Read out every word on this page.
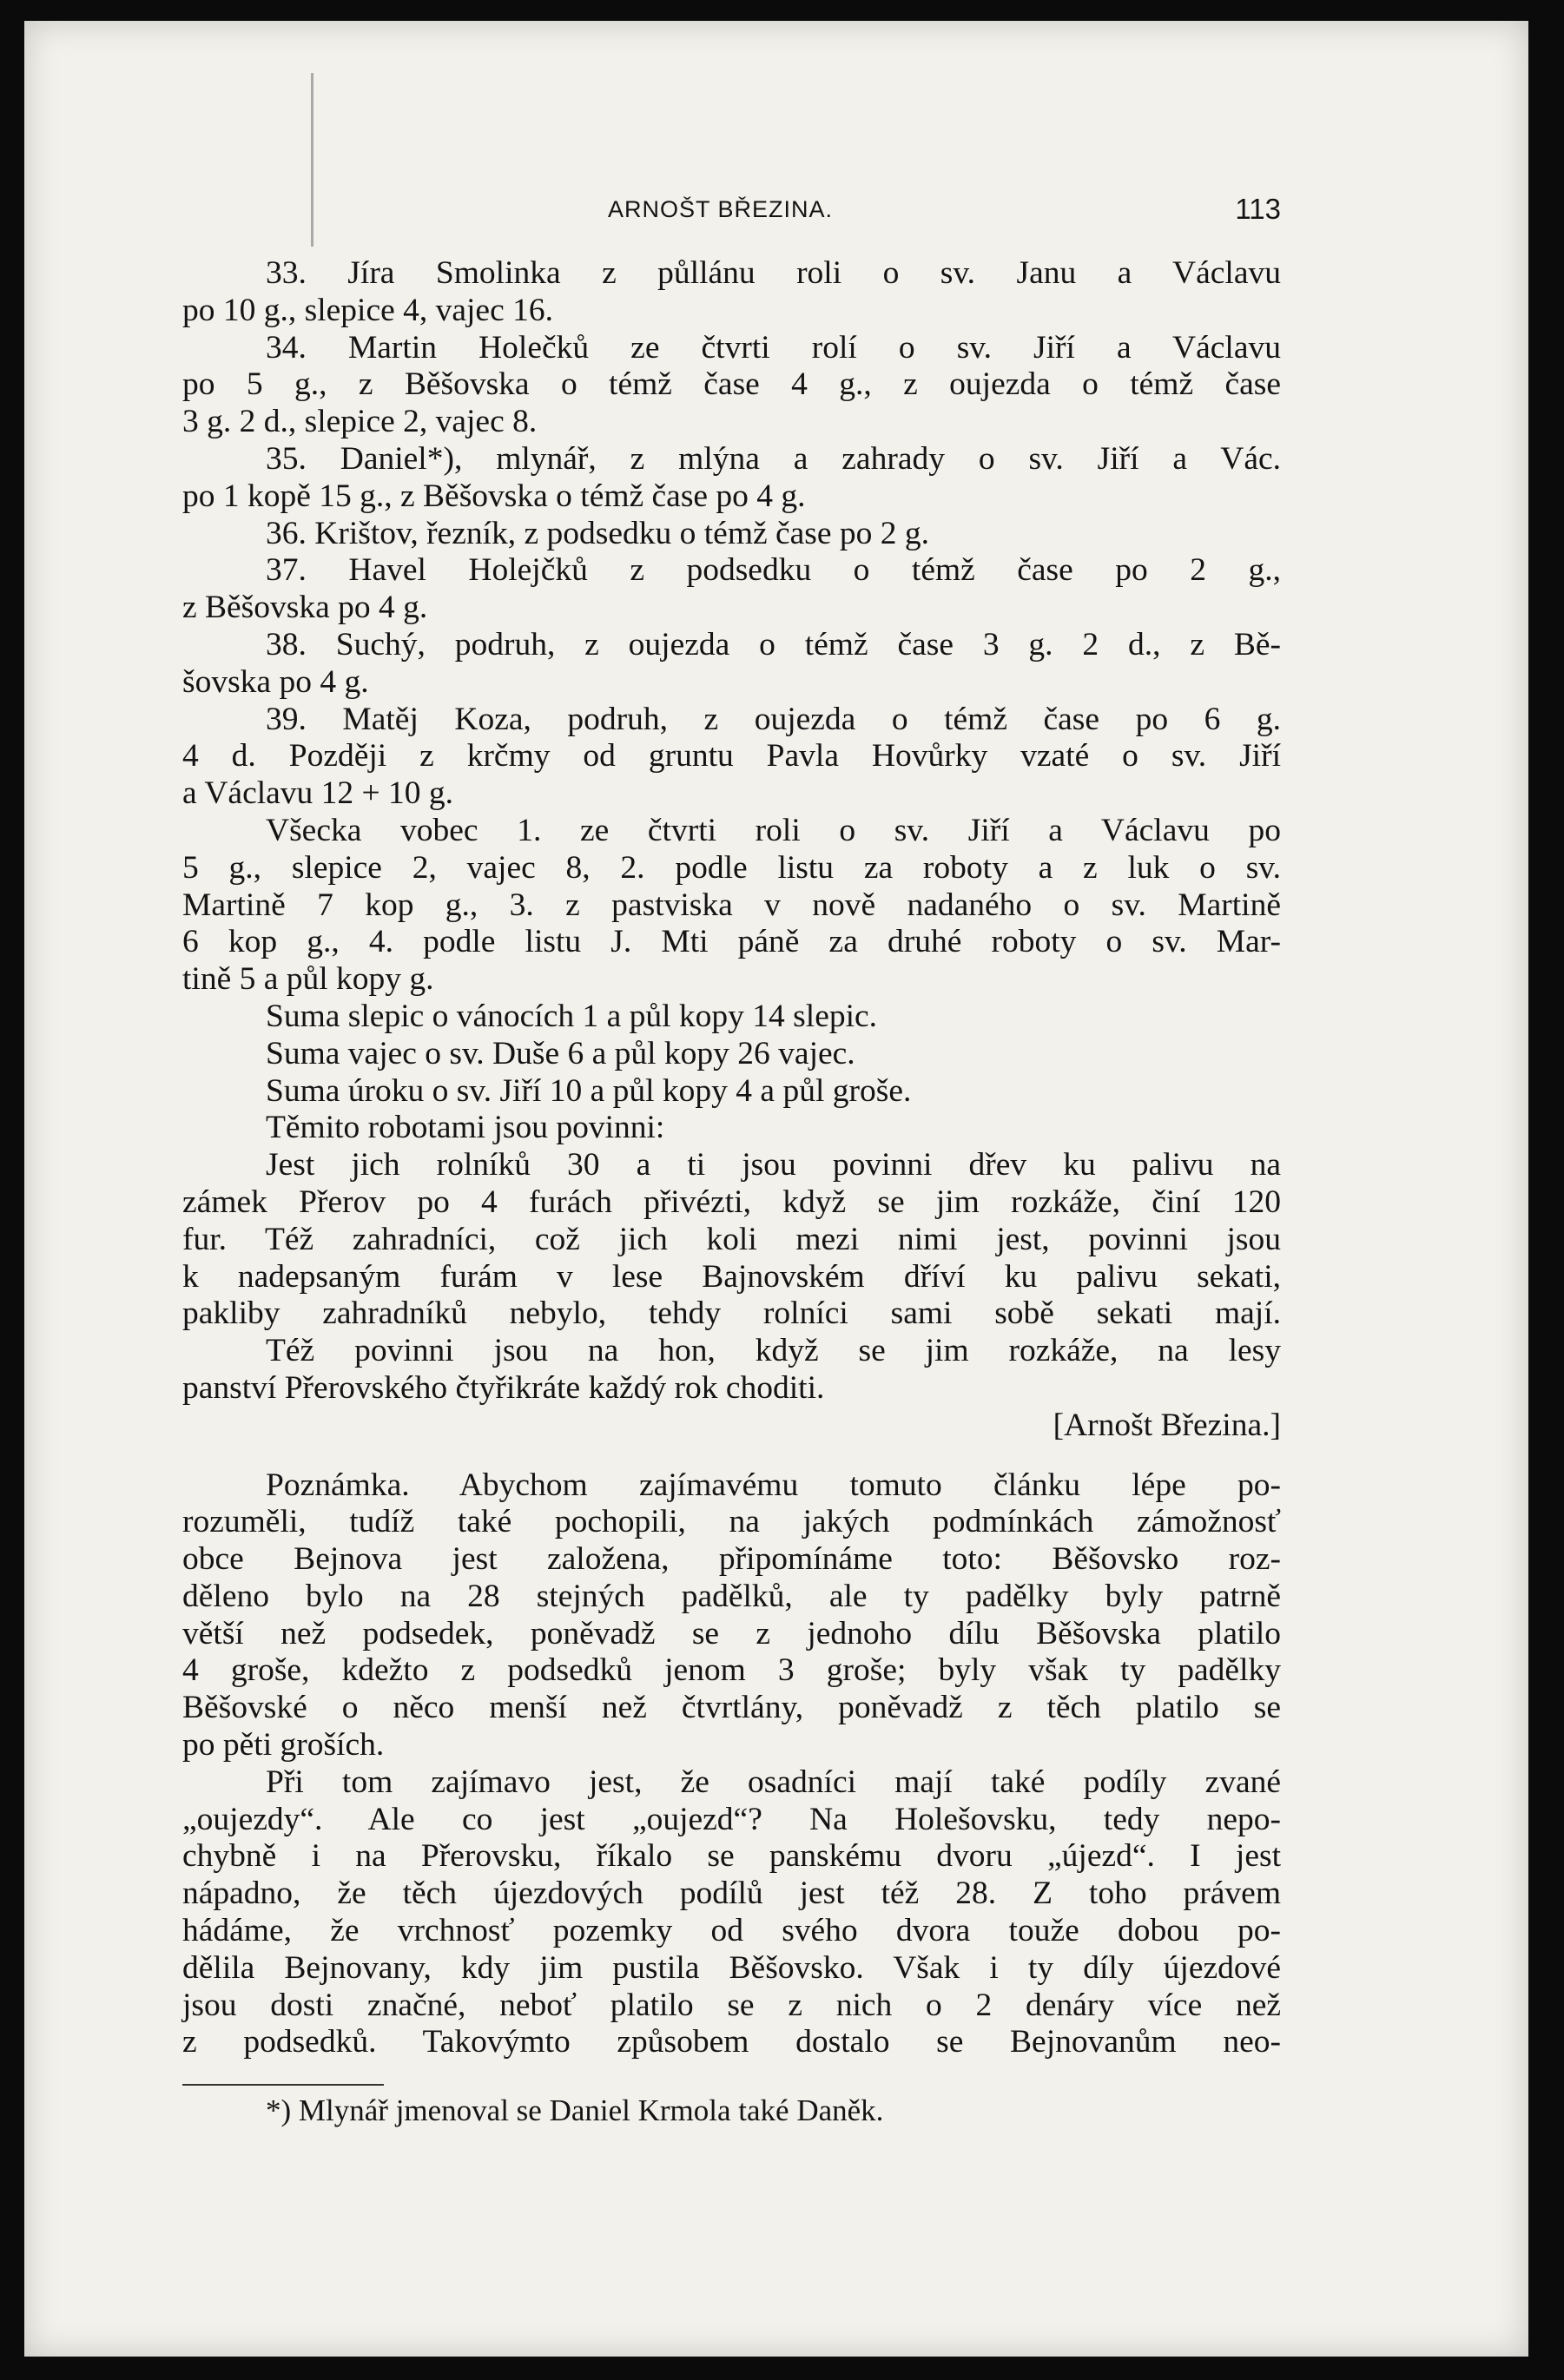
ARNOŠT BŘEZINA.	113
33. Jíra Smolinka z půllánu roli o sv. Janu a Václavu
po 10 g., slepice 4, vajec 16.
34. Martin Holečků ze čtvrti rolí o sv. Jiří a Václavu
po 5 g., z Běšovska o témž čase 4 g., z oujezda o témž čase
3 g. 2 d., slepice 2, vajec 8.
35. Daniel*), mlynář, z mlýna a zahrady o sv. Jiří a Vác.
po 1 kopě 15 g., z Běšovska o témž čase po 4 g.
36. Krištov, řezník, z podsedku o témž čase po 2 g.
37. Havel Holejčků z podsedku o témž čase po 2 g.,
z Běšovska po 4 g.
38. Suchý, podruh, z oujezda o témž čase 3 g. 2 d., z Bě-
šovska po 4 g.
39. Matěj Koza, podruh, z oujezda o témž čase po 6 g.
4 d. Později z krčmy od gruntu Pavla Hovůrky vzaté o sv. Jiří
a Václavu 12 + 10 g.
Všecka vobec 1. ze čtvrti roli o sv. Jiří a Václavu po
5 g., slepice 2, vajec 8, 2. podle listu za roboty a z luk o sv.
Martině 7 kop g., 3. z pastviska v nově nadaného o sv. Martině
6 kop g., 4. podle listu J. Mti páně za druhé roboty o sv. Mar-
tině 5 a půl kopy g.
Suma slepic o vánocích 1 a půl kopy 14 slepic.
Suma vajec o sv. Duše 6 a půl kopy 26 vajec.
Suma úroku o sv. Jiří 10 a půl kopy 4 a půl groše.
Těmito robotami jsou povinni:
Jest jich rolníků 30 a ti jsou povinni dřev ku palivu na
zámek Přerov po 4 furách přivézti, když se jim rozkáže, činí 120
fur. Též zahradníci, což jich koli mezi nimi jest, povinni jsou
k nadepsaným furám v lese Bajnovském dříví ku palivu sekati,
pakliby zahradníků nebylo, tehdy rolníci sami sobě sekati mají.
Též povinni jsou na hon, když se jim rozkáže, na lesy
panství Přerovského čtyřikráte každý rok choditi.
[Arnošt Březina.]
Poznámka. Abychom zajímavému tomuto článku lépe po-
rozuměli, tudíž také pochopili, na jakých podmínkách zámožnosť
obce Bejnova jest založena, připomínáme toto: Běšovsko roz-
děleno bylo na 28 stejných padělků, ale ty padělky byly patrně
větší než podsedek, poněvadž se z jednoho dílu Běšovska platilo
4 groše, kdežto z podsedků jenom 3 groše; byly však ty padělky
Běšovské o něco menší než čtvrtlány, poněvadž z těch platilo se
po pěti groších.
Při tom zajímavo jest, že osadníci mají také podíly zvané
„oujezdy“. Ale co jest „oujezd“? Na Holešovsku, tedy nepo-
chybně i na Přerovsku, říkalo se panskému dvoru „újezd“. I jest
nápadno, že těch újezdových podílů jest též 28. Z toho právem
hádáme, že vrchnosť pozemky od svého dvora touže dobou po-
dělila Bejnovany, kdy jim pustila Běšovsko. Však i ty díly újezdové
jsou dosti značné, neboť platilo se z nich o 2 denáry více než
z podsedků. Takovýmto způsobem dostalo se Bejnovanům neo-
*) Mlynář jmenoval se Daniel Krmola také Daněk.
